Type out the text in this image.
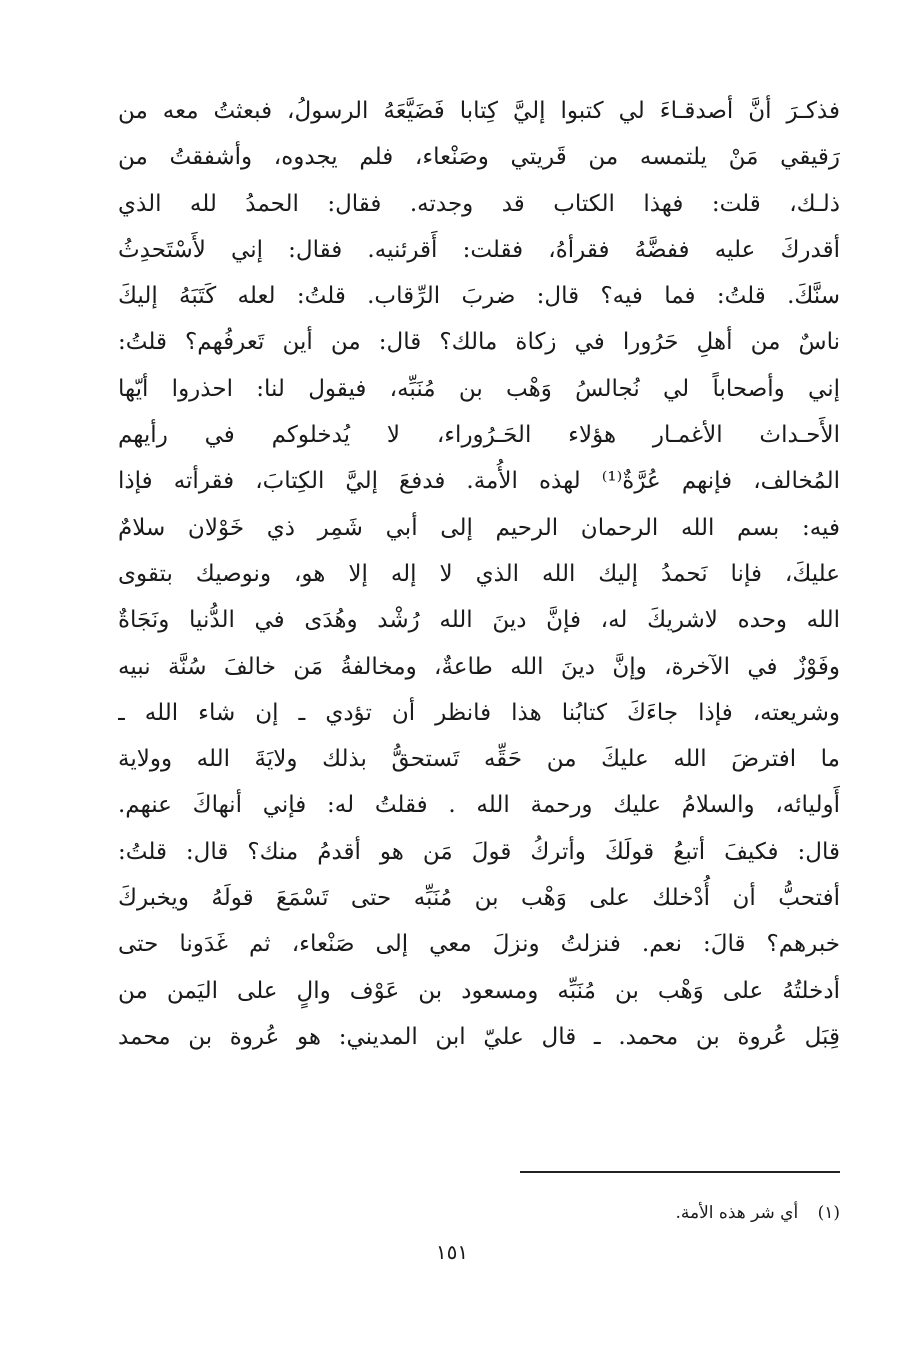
فذكـرَ أنَّ أصدقـاءَ لي كتبوا إليَّ كِتابا فَضَيَّعَهُ الرسولُ، فبعثتُ معه من
رَقيقي مَنْ يلتمسه من قَريتي وصَنْعاء، فلم يجدوه، وأشفقتُ من
ذلـك، قلت: فهذا الكتاب قد وجدته. فقال: الحمدُ لله الذي
أقدركَ عليه ففضَّهُ فقرأهُ، فقلت: أَقرئنيه. فقال: إني لأَسْتَحدِثُ
سنَّكَ. قلتُ: فما فيه؟ قال: ضربَ الرِّقاب. قلتُ: لعله كَتَبَهُ إليكَ
ناسٌ من أهلِ حَرُورا في زكاة مالك؟ قال: من أين تَعرفُهم؟ قلتُ:
إني وأصحاباً لي نُجالسُ وَهْب بن مُنَبِّه، فيقول لنا: احذروا أيّها
الأَحـداث الأغمـار هؤلاء الحَـرُوراء، لا يُدخلوكم في رأيهم
المُخالف، فإنهم عُرَّةٌ⁽¹⁾ لهذه الأُمة. فدفعَ إليَّ الكِتابَ، فقرأته فإذا
فيه: بسم الله الرحمان الرحيم إلى أبي شَمِر ذي خَوْلان سلامٌ
عليكَ، فإنا نَحمدُ إليك الله الذي لا إله إلا هو، ونوصيك بتقوى
الله وحده لاشريكَ له، فإنَّ دينَ الله رُشْد وهُدَى في الدُّنيا ونَجَاةٌ
وفَوْزٌ في الآخرة، وإنَّ دينَ الله طاعةٌ، ومخالفةُ مَن خالفَ سُنَّة نبيه
وشريعته، فإذا جاءَكَ كتابُنا هذا فانظر أن تؤدي ـ إن شاء الله ـ
ما افترضَ الله عليكَ من حَقِّه تَستحقُّ بذلك ولايَةَ الله وولاية
أَوليائه، والسلامُ عليك ورحمة الله . فقلتُ له: فإني أنهاكَ عنهم.
قال: فكيفَ أتبعُ قولَكَ وأتركُ قولَ مَن هو أقدمُ منك؟ قال: قلتُ:
أفتحبُّ أن أُدْخلك على وَهْب بن مُنَبِّه حتى تَسْمَعَ قولَهُ ويخبركَ
خبرهم؟ قالَ: نعم. فنزلتُ ونزلَ معي إلى صَنْعاء، ثم غَدَونا حتى
أدخلتُهُ على وَهْب بن مُنَبِّه ومسعود بن عَوْف والٍ على اليَمن من
قِبَل عُروة بن محمد. ـ قال عليّ ابن المديني: هو عُروة بن محمد
(١) أي شر هذه الأمة.
١٥١
